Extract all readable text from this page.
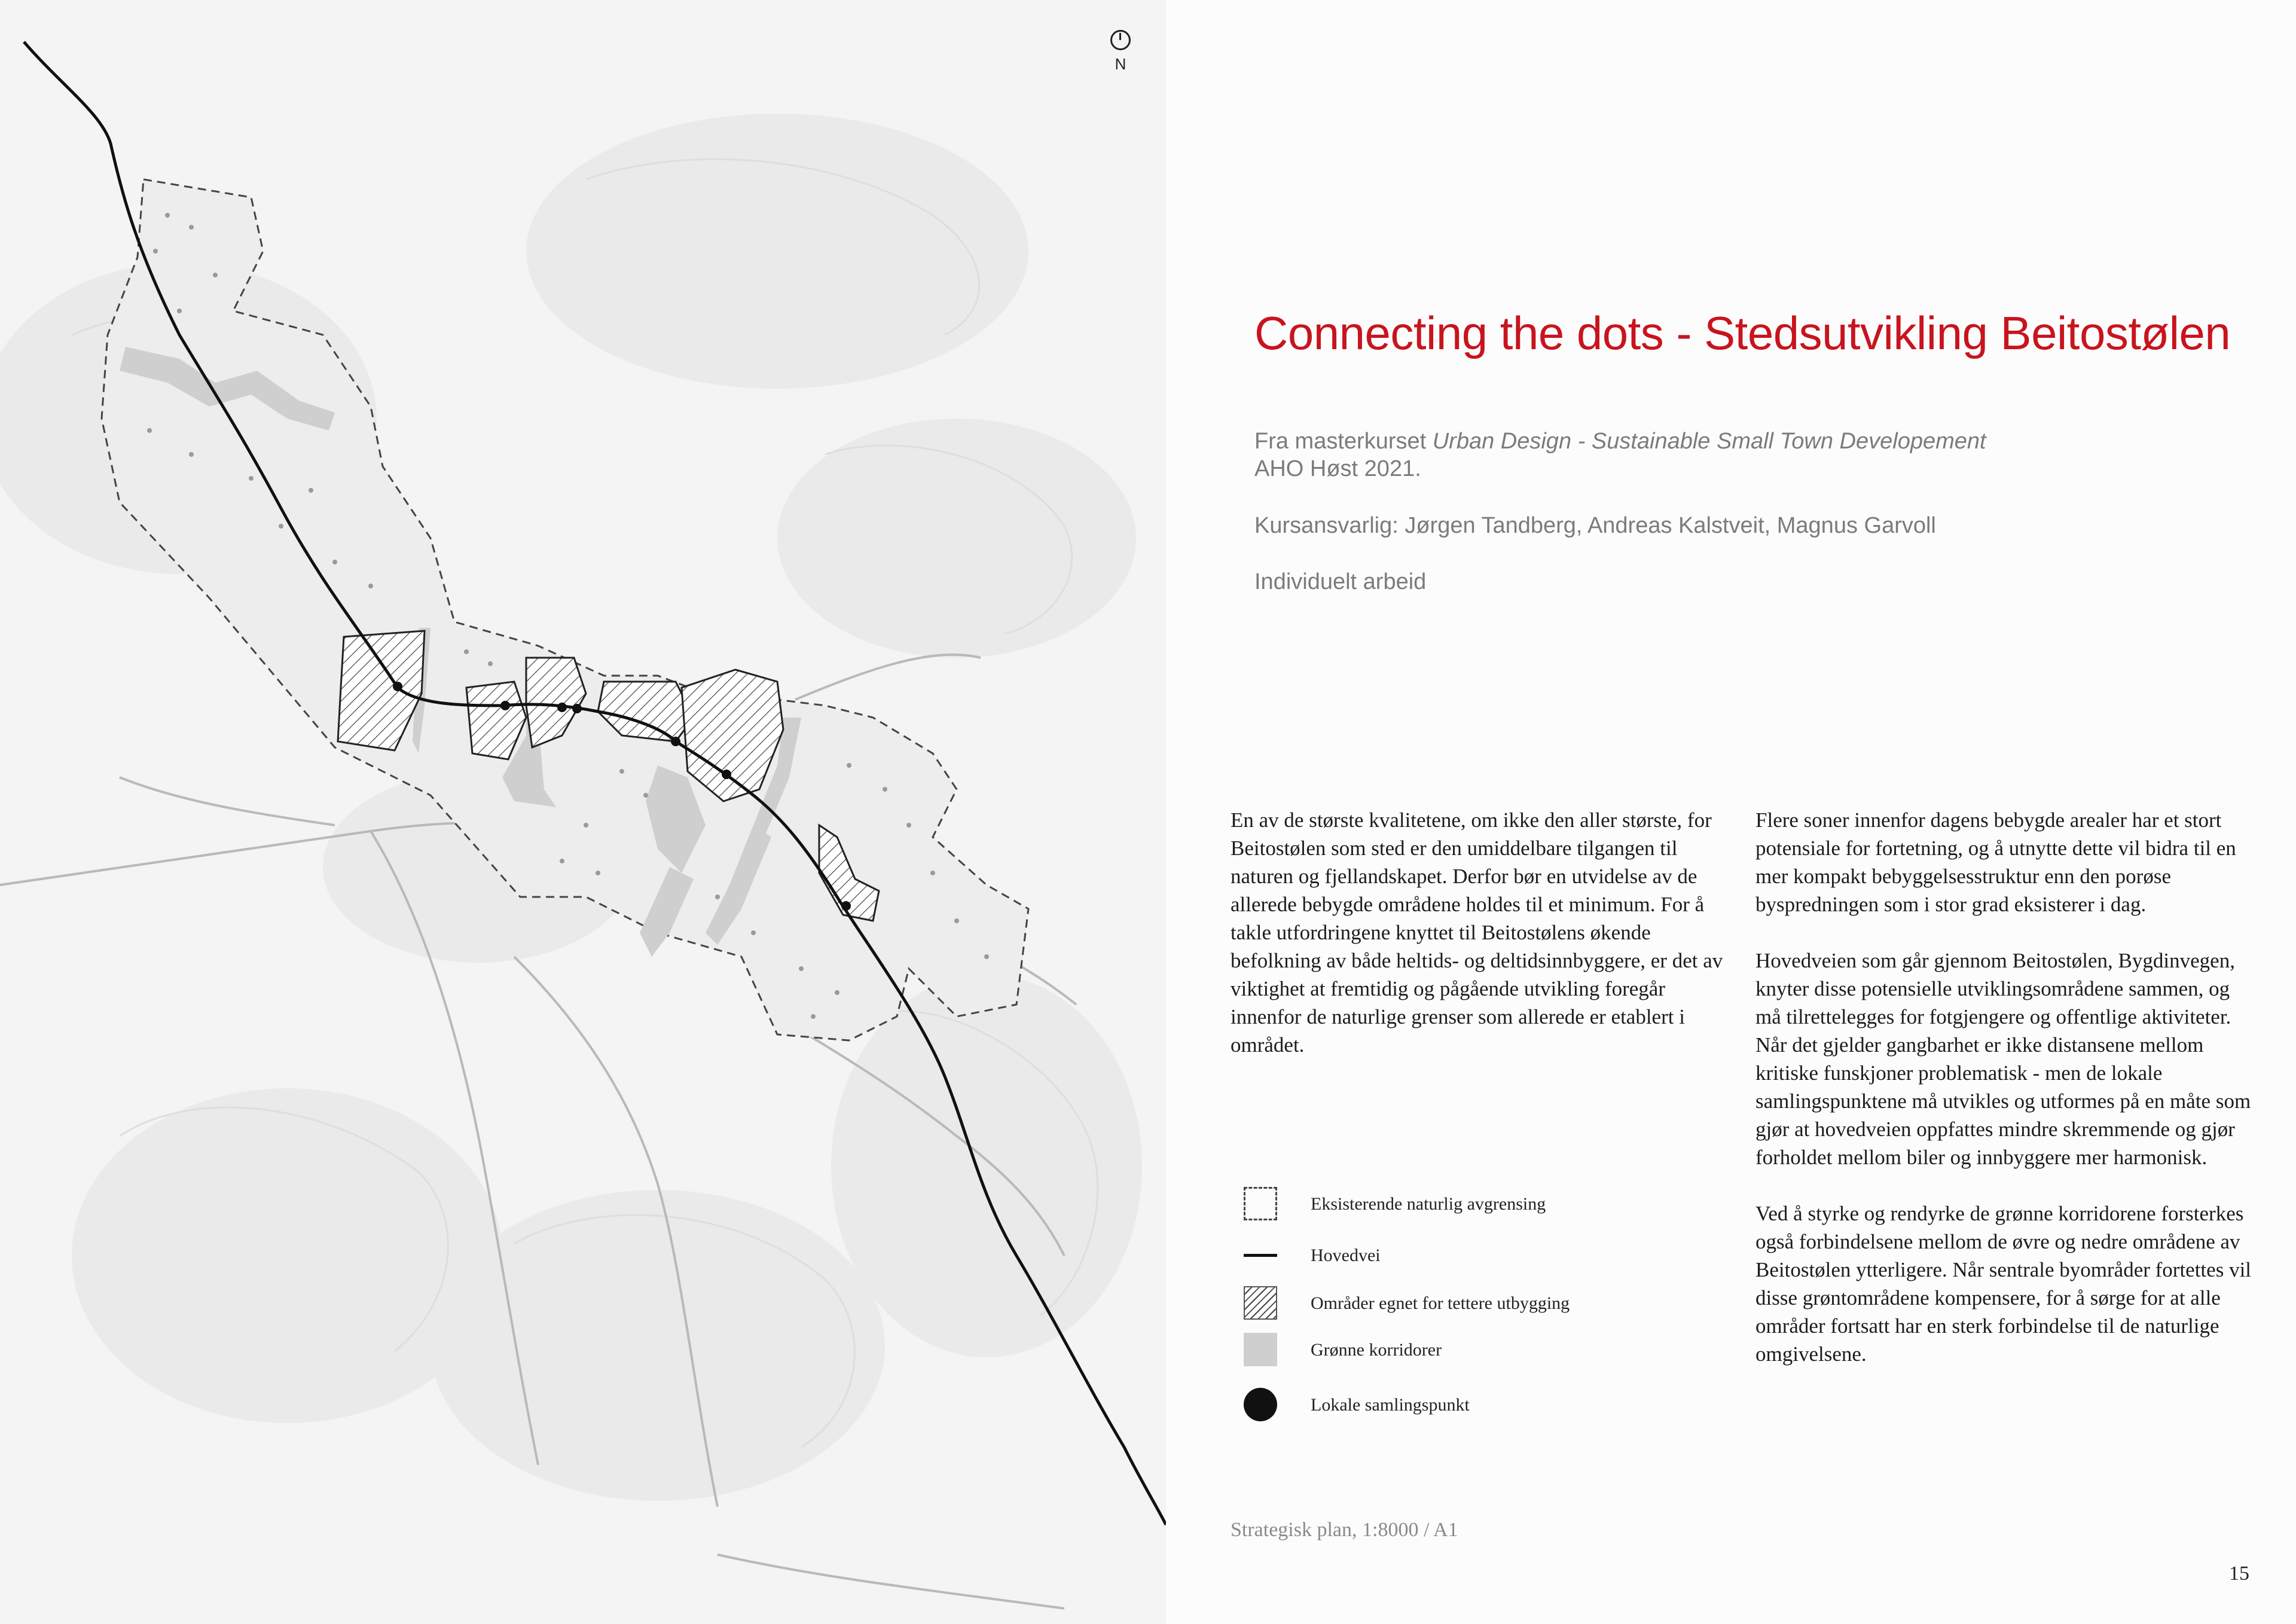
N
Connecting the dots - Stedsutvikling Beitostølen
Fra masterkurset Urban Design - Sustainable Small Town Developement
AHO Høst 2021.
Kursansvarlig: Jørgen Tandberg, Andreas Kalstveit, Magnus Garvoll
Individuelt arbeid

En av de største kvalitetene, om ikke den aller største, for Beitostølen som sted er den umiddelbare tilgangen til naturen og fjellandskapet. Derfor bør en utvidelse av de allerede bebygde områdene holdes til et minimum. For å takle utfordringene knyttet til Beitostølens økende befolkning av både heltids- og deltidsinnbyggere, er det av viktighet at fremtidig og pågående utvikling foregår innenfor de naturlige grenser som allerede er etablert i området.

Flere soner innenfor dagens bebygde arealer har et stort potensiale for fortetning, og å utnytte dette vil bidra til en mer kompakt bebyggelsesstruktur enn den porøse byspredningen som i stor grad eksisterer i dag.

Hovedveien som går gjennom Beitostølen, Bygdinvegen, knyter disse potensielle utviklingsområdene sammen, og må tilrettelegges for fotgjengere og offentlige aktiviteter. Når det gjelder gangbarhet er ikke distansene mellom kritiske funskjoner problematisk - men de lokale samlingspunktene må utvikles og utformes på en måte som gjør at hovedveien oppfattes mindre skremmende og gjør forholdet mellom biler og innbyggere mer harmonisk.

Ved å styrke og rendyrke de grønne korridorene forsterkes også forbindelsene mellom de øvre og nedre områdene av Beitostølen ytterligere. Når sentrale byområder fortettes vil disse grøntområdene kompensere, for å sørge for at alle områder fortsatt har en sterk forbindelse til de naturlige omgivelsene.

Eksisterende naturlig avgrensing
Hovedvei
Områder egnet for tettere utbygging
Grønne korridorer
Lokale samlingspunkt
Strategisk plan, 1:8000 / A1
15
